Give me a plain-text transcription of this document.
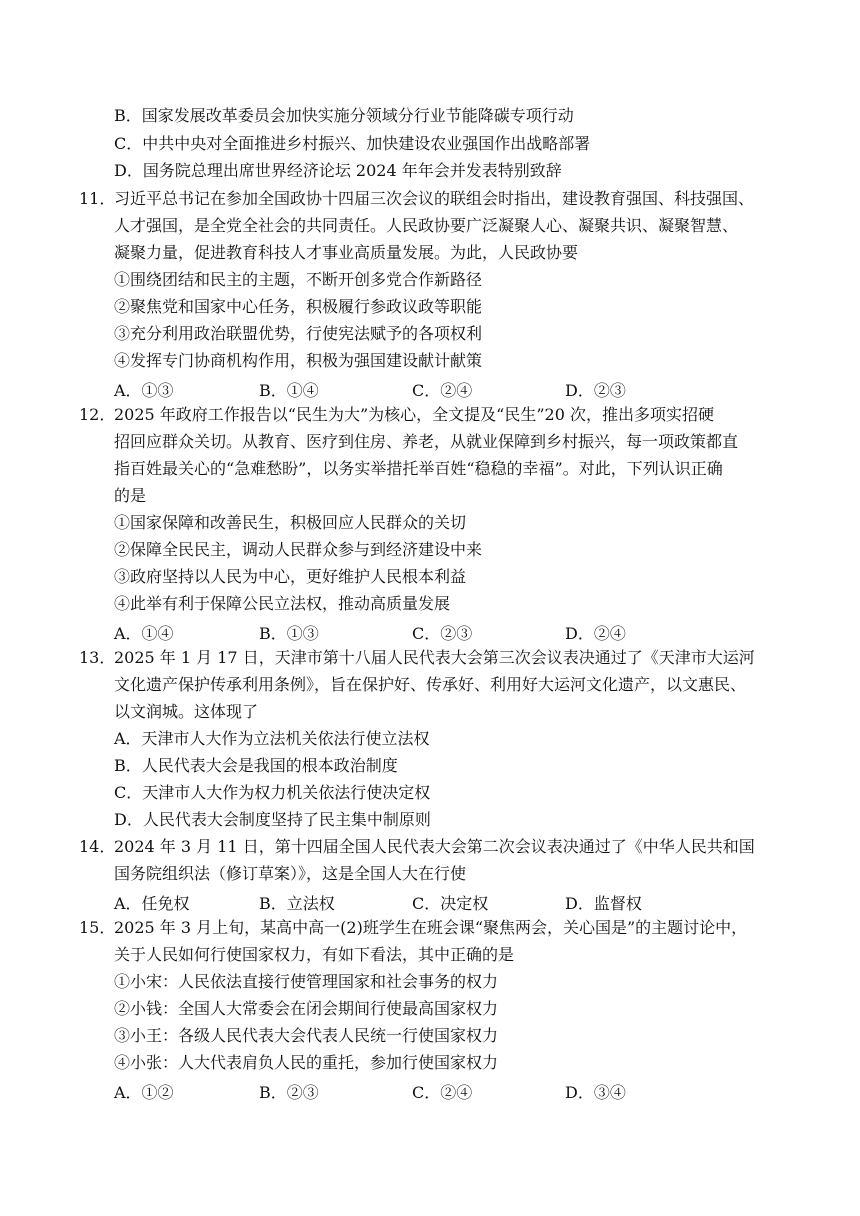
B．国家发展改革委员会加快实施分领域分行业节能降碳专项行动
C．中共中央对全面推进乡村振兴、加快建设农业强国作出战略部署
D．国务院总理出席世界经济论坛 2024 年年会并发表特别致辞
11．
习近平总书记在参加全国政协十四届三次会议的联组会时指出，建设教育强国、科技强国、
人才强国，是全党全社会的共同责任。人民政协要广泛凝聚人心、凝聚共识、凝聚智慧、
凝聚力量，促进教育科技人才事业高质量发展。为此，人民政协要
①围绕团结和民主的主题，不断开创多党合作新路径
②聚焦党和国家中心任务，积极履行参政议政等职能
③充分利用政治联盟优势，行使宪法赋予的各项权利
④发挥专门协商机构作用，积极为强国建设献计献策
A．①③	B．①④	C．②④	D．②③
12．
2025 年政府工作报告以“民生为大”为核心，全文提及“民生”20 次，推出多项实招硬
招回应群众关切。从教育、医疗到住房、养老，从就业保障到乡村振兴，每一项政策都直
指百姓最关心的“急难愁盼”，以务实举措托举百姓“稳稳的幸福”。对此，下列认识正确
的是
①国家保障和改善民生，积极回应人民群众的关切
②保障全民民主，调动人民群众参与到经济建设中来
③政府坚持以人民为中心，更好维护人民根本利益
④此举有利于保障公民立法权，推动高质量发展
A．①④	B．①③	C．②③	D．②④
13．
2025 年 1 月 17 日，天津市第十八届人民代表大会第三次会议表决通过了《天津市大运河
文化遗产保护传承利用条例》，旨在保护好、传承好、利用好大运河文化遗产，以文惠民、
以文润城。这体现了
A．天津市人大作为立法机关依法行使立法权
B．人民代表大会是我国的根本政治制度
C．天津市人大作为权力机关依法行使决定权
D．人民代表大会制度坚持了民主集中制原则
14．
2024 年 3 月 11 日，第十四届全国人民代表大会第二次会议表决通过了《中华人民共和国
国务院组织法（修订草案）》，这是全国人大在行使
A．任免权	B．立法权	C．决定权	D．监督权
15．
2025 年 3 月上旬，某高中高一(2)班学生在班会课“聚焦两会，关心国是”的主题讨论中，
关于人民如何行使国家权力，有如下看法，其中正确的是
①小宋：人民依法直接行使管理国家和社会事务的权力
②小钱：全国人大常委会在闭会期间行使最高国家权力
③小王：各级人民代表大会代表人民统一行使国家权力
④小张：人大代表肩负人民的重托，参加行使国家权力
A．①②	B．②③	C．②④	D．③④
